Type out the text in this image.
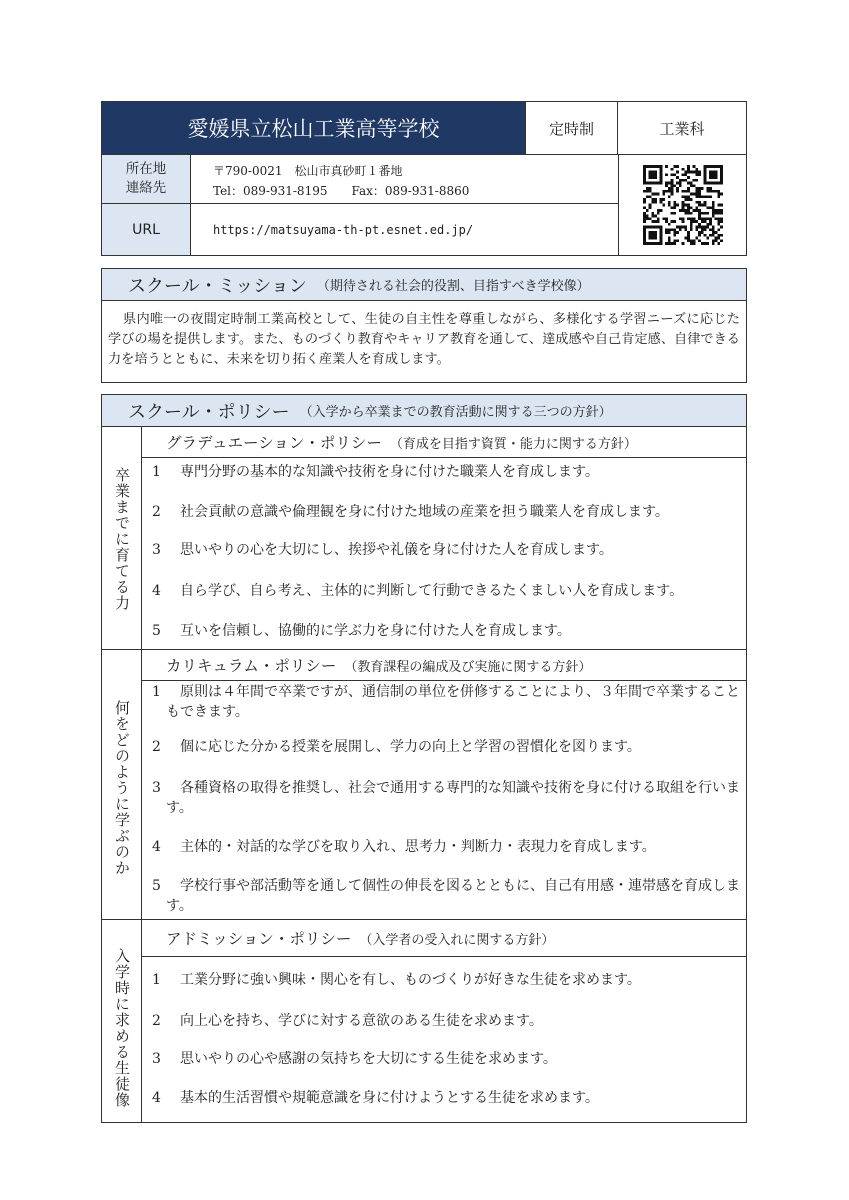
愛媛県立松山工業高等学校	定時制	工業科
所在地
連絡先
〒790-0021　松山市真砂町１番地
Tel：089-931-8195　　Fax：089-931-8860
URL	https://matsuyama-th-pt.esnet.ed.jp/
スクール・ミッション （期待される社会的役割、目指すべき学校像）
県内唯一の夜間定時制工業高校として、生徒の自主性を尊重しながら、多様化する学習ニーズに応じた学びの場を提供します。また、ものづくり教育やキャリア教育を通して、達成感や自己肯定感、自律できる力を培うとともに、未来を切り拓く産業人を育成します。
スクール・ポリシー （入学から卒業までの教育活動に関する三つの方針）
卒業までに育てる力
グラデュエーション・ポリシー （育成を目指す資質・能力に関する方針）
1 専門分野の基本的な知識や技術を身に付けた職業人を育成します。
2 社会貢献の意識や倫理観を身に付けた地域の産業を担う職業人を育成します。
3 思いやりの心を大切にし、挨拶や礼儀を身に付けた人を育成します。
4 自ら学び、自ら考え、主体的に判断して行動できるたくましい人を育成します。
5 互いを信頼し、協働的に学ぶ力を身に付けた人を育成します。
何をどのように学ぶのか
カリキュラム・ポリシー （教育課程の編成及び実施に関する方針）
1 原則は４年間で卒業ですが、通信制の単位を併修することにより、３年間で卒業することもできます。
2 個に応じた分かる授業を展開し、学力の向上と学習の習慣化を図ります。
3 各種資格の取得を推奨し、社会で通用する専門的な知識や技術を身に付ける取組を行います。
4 主体的・対話的な学びを取り入れ、思考力・判断力・表現力を育成します。
5 学校行事や部活動等を通して個性の伸長を図るとともに、自己有用感・連帯感を育成します。
入学時に求める生徒像
アドミッション・ポリシー （入学者の受入れに関する方針）
1 工業分野に強い興味・関心を有し、ものづくりが好きな生徒を求めます。
2 向上心を持ち、学びに対する意欲のある生徒を求めます。
3 思いやりの心や感謝の気持ちを大切にする生徒を求めます。
4 基本的生活習慣や規範意識を身に付けようとする生徒を求めます。
